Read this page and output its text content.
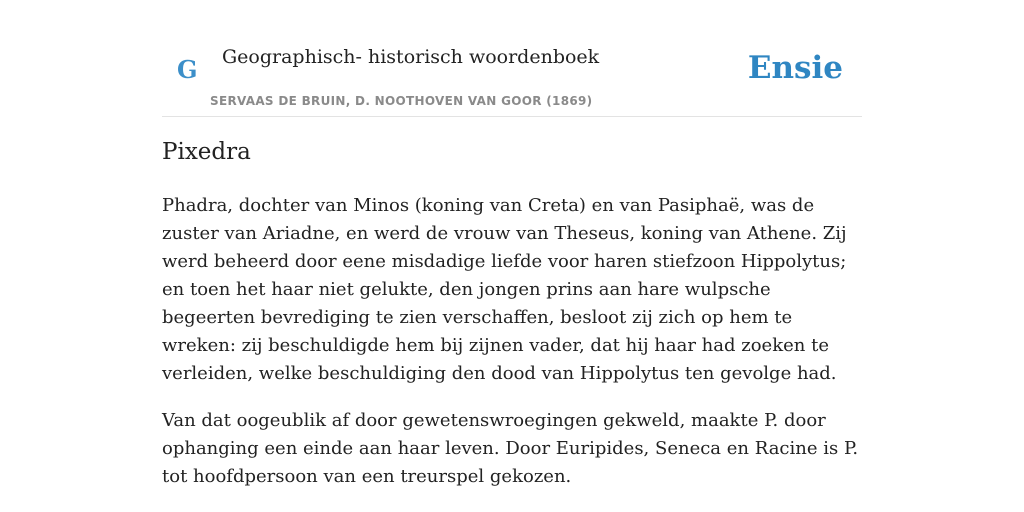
G Geographisch- historisch woordenboek
SERVAAS DE BRUIN, D. NOOTHOVEN VAN GOOR (1869)
Ensie
Pixedra

Phadra, dochter van Minos (koning van Creta) en van Pasiphaë, was de zuster van Ariadne, en werd de vrouw van Theseus, koning van Athene. Zij werd beheerd door eene misdadige liefde voor haren stiefzoon Hippolytus; en toen het haar niet gelukte, den jongen prins aan hare wulpsche begeerten bevrediging te zien verschaffen, besloot zij zich op hem te wreken: zij beschuldigde hem bij zijnen vader, dat hij haar had zoeken te verleiden, welke beschuldiging den dood van Hippolytus ten gevolge had.

Van dat oogeublik af door gewetenswroegingen gekweld, maakte P. door ophanging een einde aan haar leven. Door Euripides, Seneca en Racine is P. tot hoofdpersoon van een treurspel gekozen.
